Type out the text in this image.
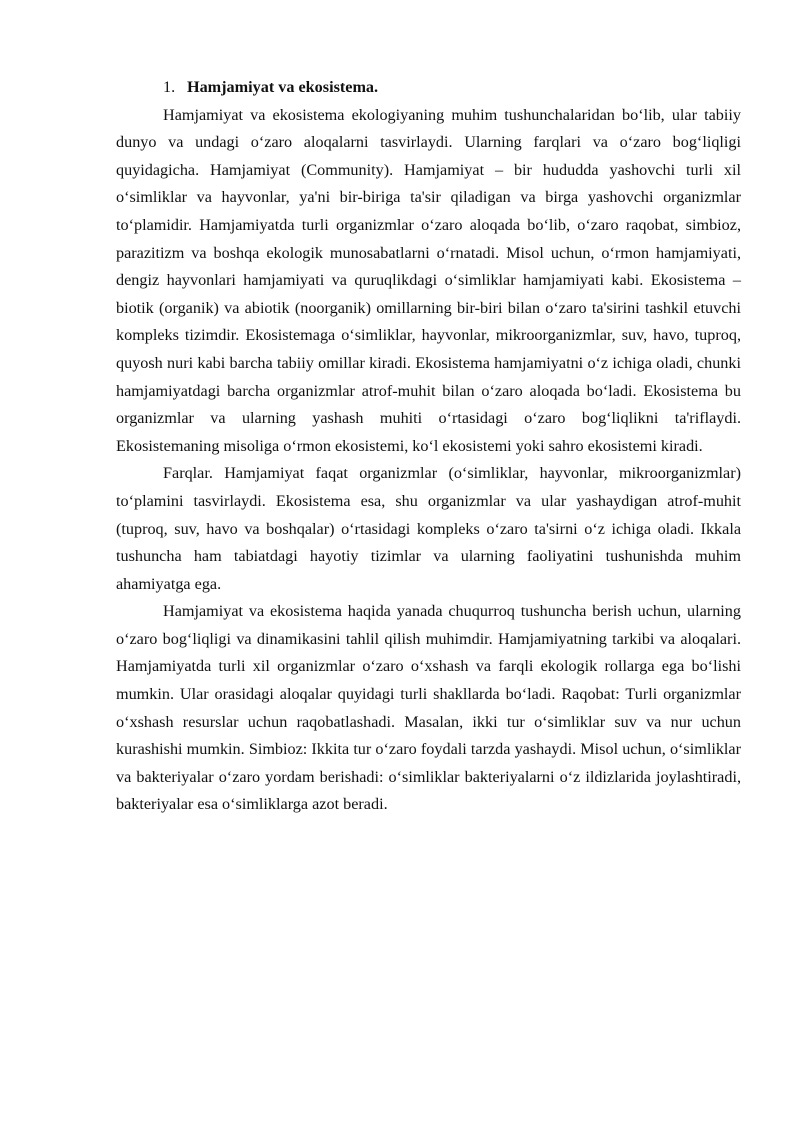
1. Hamjamiyat va ekosistema.

Hamjamiyat va ekosistema ekologiyaning muhim tushunchalaridan bo‘lib, ular tabiiy dunyo va undagi o‘zaro aloqalarni tasvirlaydi. Ularning farqlari va o‘zaro bog‘liqligi quyidagicha. Hamjamiyat (Community). Hamjamiyat – bir hududda yashovchi turli xil o‘simliklar va hayvonlar, ya'ni bir-biriga ta'sir qiladigan va birga yashovchi organizmlar to‘plamidir. Hamjamiyatda turli organizmlar o‘zaro aloqada bo‘lib, o‘zaro raqobat, simbioz, parazitizm va boshqa ekologik munosabatlarni o‘rnatadi. Misol uchun, o‘rmon hamjamiyati, dengiz hayvonlari hamjamiyati va quruqlikdagi o‘simliklar hamjamiyati kabi. Ekosistema – biotik (organik) va abiotik (noorganik) omillarning bir-biri bilan o‘zaro ta'sirini tashkil etuvchi kompleks tizimdir. Ekosistemaga o‘simliklar, hayvonlar, mikroorganizmlar, suv, havo, tuproq, quyosh nuri kabi barcha tabiiy omillar kiradi. Ekosistema hamjamiyatni o‘z ichiga oladi, chunki hamjamiyatdagi barcha organizmlar atrof-muhit bilan o‘zaro aloqada bo‘ladi. Ekosistema bu organizmlar va ularning yashash muhiti o‘rtasidagi o‘zaro bog‘liqlikni ta'riflaydi. Ekosistemaning misoliga o‘rmon ekosistemi, ko‘l ekosistemi yoki sahro ekosistemi kiradi.

Farqlar. Hamjamiyat faqat organizmlar (o‘simliklar, hayvonlar, mikroorganizmlar) to‘plamini tasvirlaydi. Ekosistema esa, shu organizmlar va ular yashaydigan atrof-muhit (tuproq, suv, havo va boshqalar) o‘rtasidagi kompleks o‘zaro ta'sirni o‘z ichiga oladi. Ikkala tushuncha ham tabiatdagi hayotiy tizimlar va ularning faoliyatini tushunishda muhim ahamiyatga ega.

Hamjamiyat va ekosistema haqida yanada chuqurroq tushuncha berish uchun, ularning o‘zaro bog‘liqligi va dinamikasini tahlil qilish muhimdir. Hamjamiyatning tarkibi va aloqalari. Hamjamiyatda turli xil organizmlar o‘zaro o‘xshash va farqli ekologik rollarga ega bo‘lishi mumkin. Ular orasidagi aloqalar quyidagi turli shakllarda bo‘ladi. Raqobat: Turli organizmlar o‘xshash resurslar uchun raqobatlashadi. Masalan, ikki tur o‘simliklar suv va nur uchun kurashishi mumkin. Simbioz: Ikkita tur o‘zaro foydali tarzda yashaydi. Misol uchun, o‘simliklar va bakteriyalar o‘zaro yordam berishadi: o‘simliklar bakteriyalarni o‘z ildizlarida joylashtiradi, bakteriyalar esa o‘simliklarga azot beradi.
